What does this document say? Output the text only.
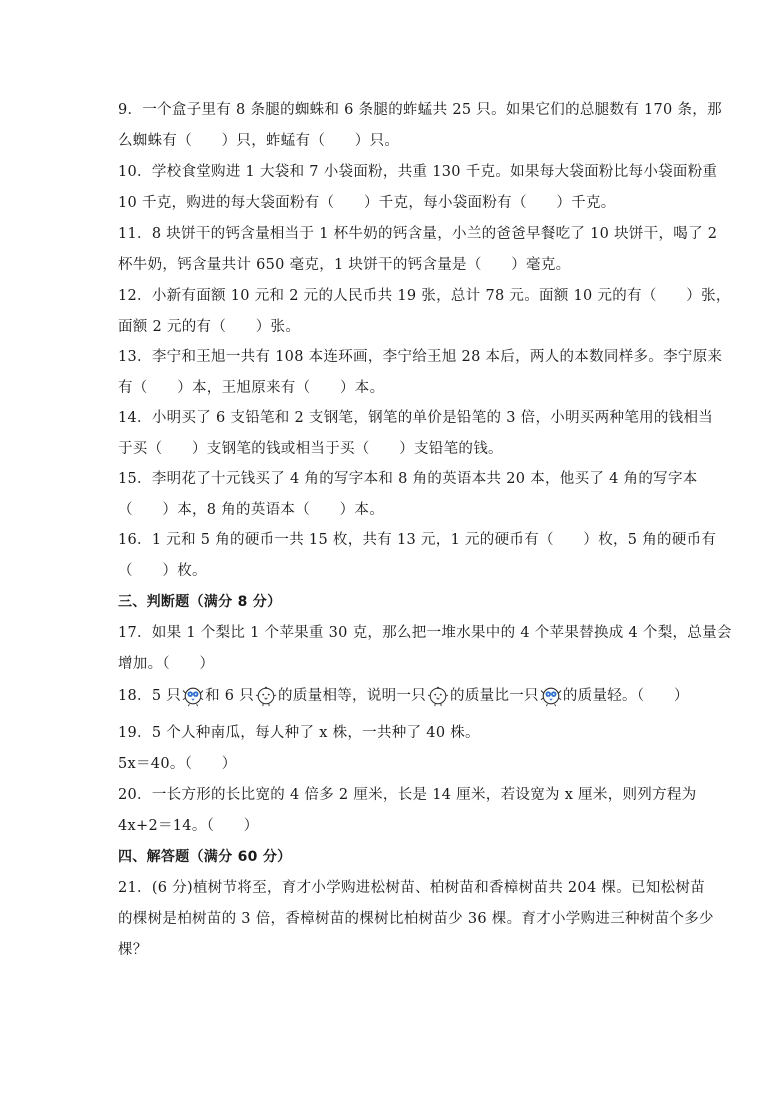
9．一个盒子里有 8 条腿的蜘蛛和 6 条腿的蚱蜢共 25 只。如果它们的总腿数有 170 条，那
么蜘蛛有（　　）只，蚱蜢有（　　）只。
10．学校食堂购进 1 大袋和 7 小袋面粉，共重 130 千克。如果每大袋面粉比每小袋面粉重
10 千克，购进的每大袋面粉有（　　）千克，每小袋面粉有（　　）千克。
11．8 块饼干的钙含量相当于 1 杯牛奶的钙含量，小兰的爸爸早餐吃了 10 块饼干，喝了 2
杯牛奶，钙含量共计 650 毫克，1 块饼干的钙含量是（　　）毫克。
12．小新有面额 10 元和 2 元的人民币共 19 张，总计 78 元。面额 10 元的有（　　）张，
面额 2 元的有（　　）张。
13．李宁和王旭一共有 108 本连环画，李宁给王旭 28 本后，两人的本数同样多。李宁原来
有（　　）本，王旭原来有（　　）本。
14．小明买了 6 支铅笔和 2 支钢笔，钢笔的单价是铅笔的 3 倍，小明买两种笔用的钱相当
于买（　　）支钢笔的钱或相当于买（　　）支铅笔的钱。
15．李明花了十元钱买了 4 角的写字本和 8 角的英语本共 20 本，他买了 4 角的写字本
（　　）本，8 角的英语本（　　）本。
16．1 元和 5 角的硬币一共 15 枚，共有 13 元，1 元的硬币有（　　）枚，5 角的硬币有
（　　）枚。
三、判断题（满分 8 分）
17．如果 1 个梨比 1 个苹果重 30 克，那么把一堆水果中的 4 个苹果替换成 4 个梨，总量会
增加。（　　）
18．5 只 和 6 只 的质量相等，说明一只 的质量比一只 的质量轻。（　　）
19．5 个人种南瓜，每人种了 x 株，一共种了 40 株。
5x＝40。（　　）
20．一长方形的长比宽的 4 倍多 2 厘米，长是 14 厘米，若设宽为 x 厘米，则列方程为
4x+2＝14。（　　）
四、解答题（满分 60 分）
21．(6 分)植树节将至，育才小学购进松树苗、柏树苗和香樟树苗共 204 棵。已知松树苗
的棵树是柏树苗的 3 倍，香樟树苗的棵树比柏树苗少 36 棵。育才小学购进三种树苗个多少
棵？
